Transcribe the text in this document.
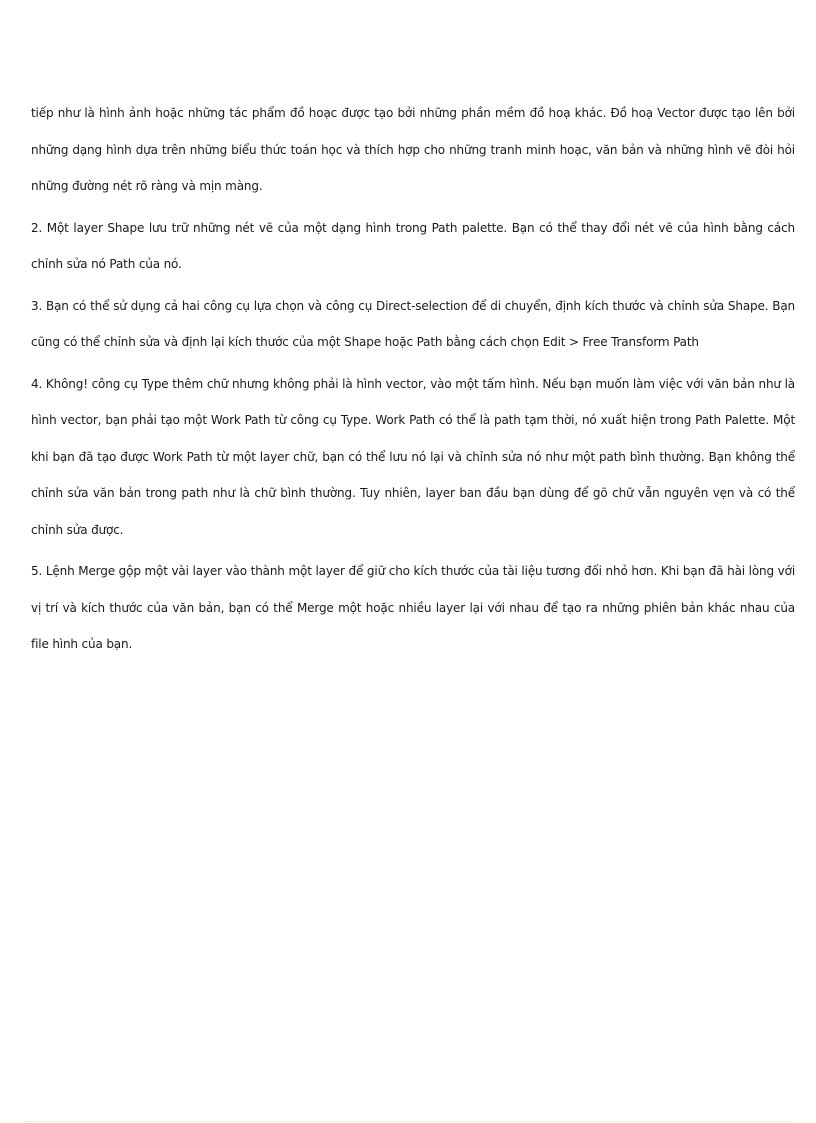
tiếp như là hình ảnh hoặc những tác phẩm đồ hoạc được tạo bởi những phần mềm đồ hoạ khác. Đồ hoạ Vector được tạo lên bởi những dạng hình dựa trên những biểu thức toán học và thích hợp cho những tranh minh hoạc, văn bản và những hình vẽ đòi hỏi những đường nét rõ ràng và mịn màng.

2. Một layer Shape lưu trữ những nét vẽ của một dạng hình trong Path palette. Bạn có thể thay đổi nét vẽ của hình bằng cách chỉnh sửa nó Path của nó.

3. Bạn có thể sử dụng cả hai công cụ lựa chọn và công cụ Direct-selection để di chuyển, định kích thước và chỉnh sửa Shape. Bạn cũng có thể chỉnh sửa và định lại kích thước của một Shape hoặc Path bằng cách chọn Edit > Free Transform Path

4. Không! công cụ Type thêm chữ nhưng không phải là hình vector, vào một tấm hình. Nếu bạn muốn làm việc với văn bản như là hình vector, bạn phải tạo một Work Path từ công cụ Type. Work Path có thể là path tạm thời, nó xuất hiện trong Path Palette. Một khi bạn đã tạo được Work Path từ một layer chữ, bạn có thể lưu nó lại và chỉnh sửa nó như một path bình thường. Bạn không thể chỉnh sửa văn bản trong path như là chữ bình thường. Tuy nhiên, layer ban đầu bạn dùng để gõ chữ vẫn nguyên vẹn và có thể chỉnh sửa được.

5. Lệnh Merge gộp một vài layer vào thành một layer để giữ cho kích thước của tài liệu tương đối nhỏ hơn. Khi bạn đã hài lòng với vị trí và kích thước của văn bản, bạn có thể Merge một hoặc nhiều layer lại với nhau để tạo ra những phiên bản khác nhau của file hình của bạn.
